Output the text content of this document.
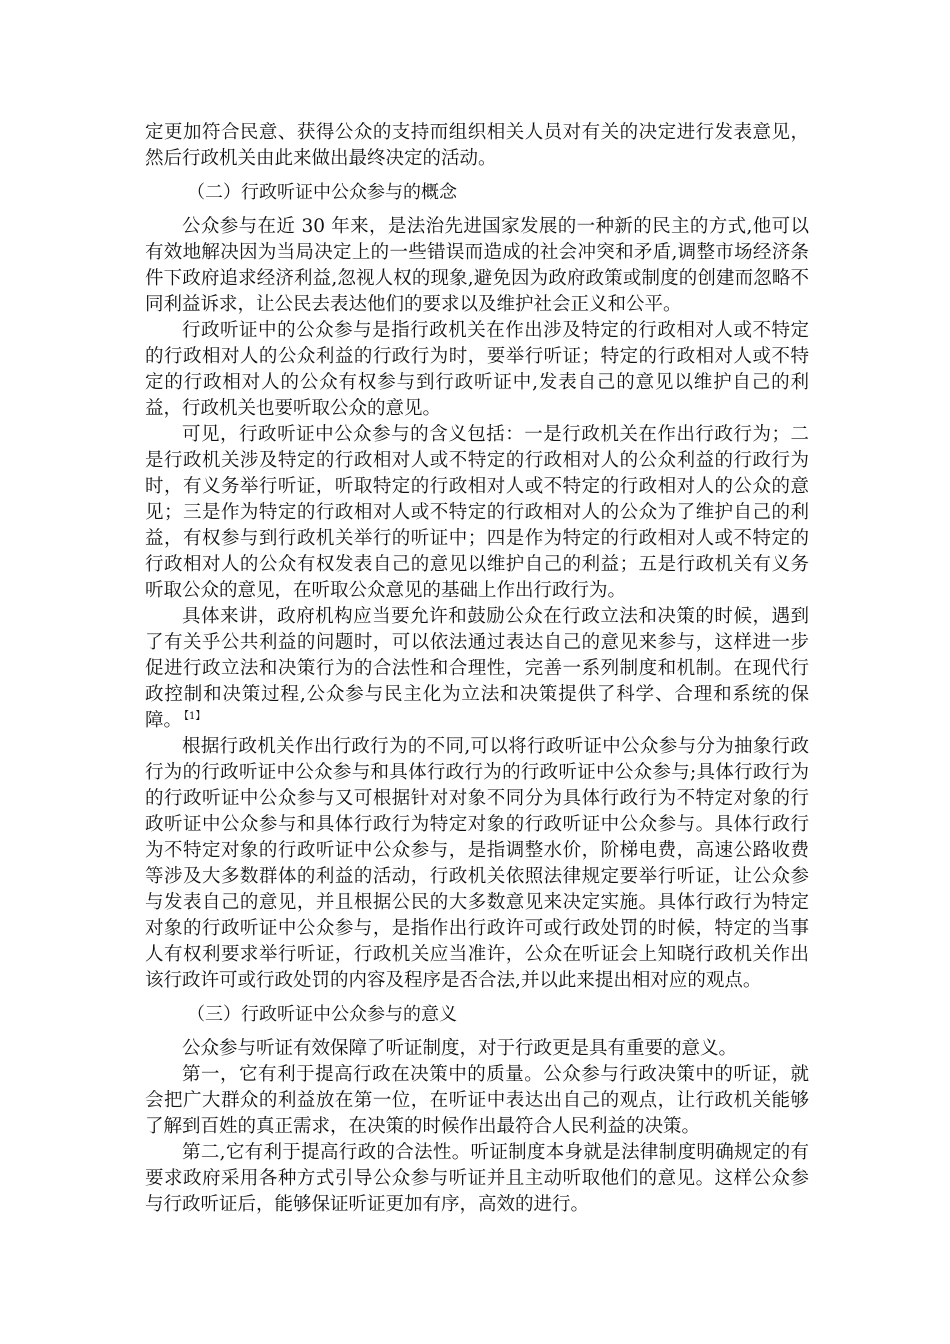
定更加符合民意、获得公众的支持而组织相关人员对有关的决定进行发表意见，然后行政机关由此来做出最终决定的活动。

（二）行政听证中公众参与的概念

公众参与在近 30 年来，是法治先进国家发展的一种新的民主的方式,他可以有效地解决因为当局决定上的一些错误而造成的社会冲突和矛盾,调整市场经济条件下政府追求经济利益,忽视人权的现象,避免因为政府政策或制度的创建而忽略不同利益诉求，让公民去表达他们的要求以及维护社会正义和公平。

行政听证中的公众参与是指行政机关在作出涉及特定的行政相对人或不特定的行政相对人的公众利益的行政行为时，要举行听证；特定的行政相对人或不特定的行政相对人的公众有权参与到行政听证中,发表自己的意见以维护自己的利益，行政机关也要听取公众的意见。

可见，行政听证中公众参与的含义包括：一是行政机关在作出行政行为；二是行政机关涉及特定的行政相对人或不特定的行政相对人的公众利益的行政行为时，有义务举行听证，听取特定的行政相对人或不特定的行政相对人的公众的意见；三是作为特定的行政相对人或不特定的行政相对人的公众为了维护自己的利益，有权参与到行政机关举行的听证中；四是作为特定的行政相对人或不特定的行政相对人的公众有权发表自己的意见以维护自己的利益；五是行政机关有义务听取公众的意见，在听取公众意见的基础上作出行政行为。

具体来讲，政府机构应当要允许和鼓励公众在行政立法和决策的时候，遇到了有关乎公共利益的问题时，可以依法通过表达自己的意见来参与，这样进一步促进行政立法和决策行为的合法性和合理性，完善一系列制度和机制。在现代行政控制和决策过程,公众参与民主化为立法和决策提供了科学、合理和系统的保障。 $^{【1】}$

根据行政机关作出行政行为的不同,可以将行政听证中公众参与分为抽象行政行为的行政听证中公众参与和具体行政行为的行政听证中公众参与;具体行政行为的行政听证中公众参与又可根据针对对象不同分为具体行政行为不特定对象的行政听证中公众参与和具体行政行为特定对象的行政听证中公众参与。具体行政行为不特定对象的行政听证中公众参与，是指调整水价，阶梯电费，高速公路收费等涉及大多数群体的利益的活动，行政机关依照法律规定要举行听证，让公众参与发表自己的意见，并且根据公民的大多数意见来决定实施。具体行政行为特定对象的行政听证中公众参与，是指作出行政许可或行政处罚的时候，特定的当事人有权利要求举行听证，行政机关应当准许，公众在听证会上知晓行政机关作出该行政许可或行政处罚的内容及程序是否合法,并以此来提出相对应的观点。

（三）行政听证中公众参与的意义

公众参与听证有效保障了听证制度，对于行政更是具有重要的意义。

第一，它有利于提高行政在决策中的质量。公众参与行政决策中的听证，就会把广大群众的利益放在第一位，在听证中表达出自己的观点，让行政机关能够了解到百姓的真正需求，在决策的时候作出最符合人民利益的决策。

第二,它有利于提高行政的合法性。听证制度本身就是法律制度明确规定的有要求政府采用各种方式引导公众参与听证并且主动听取他们的意见。这样公众参与行政听证后，能够保证听证更加有序，高效的进行。
